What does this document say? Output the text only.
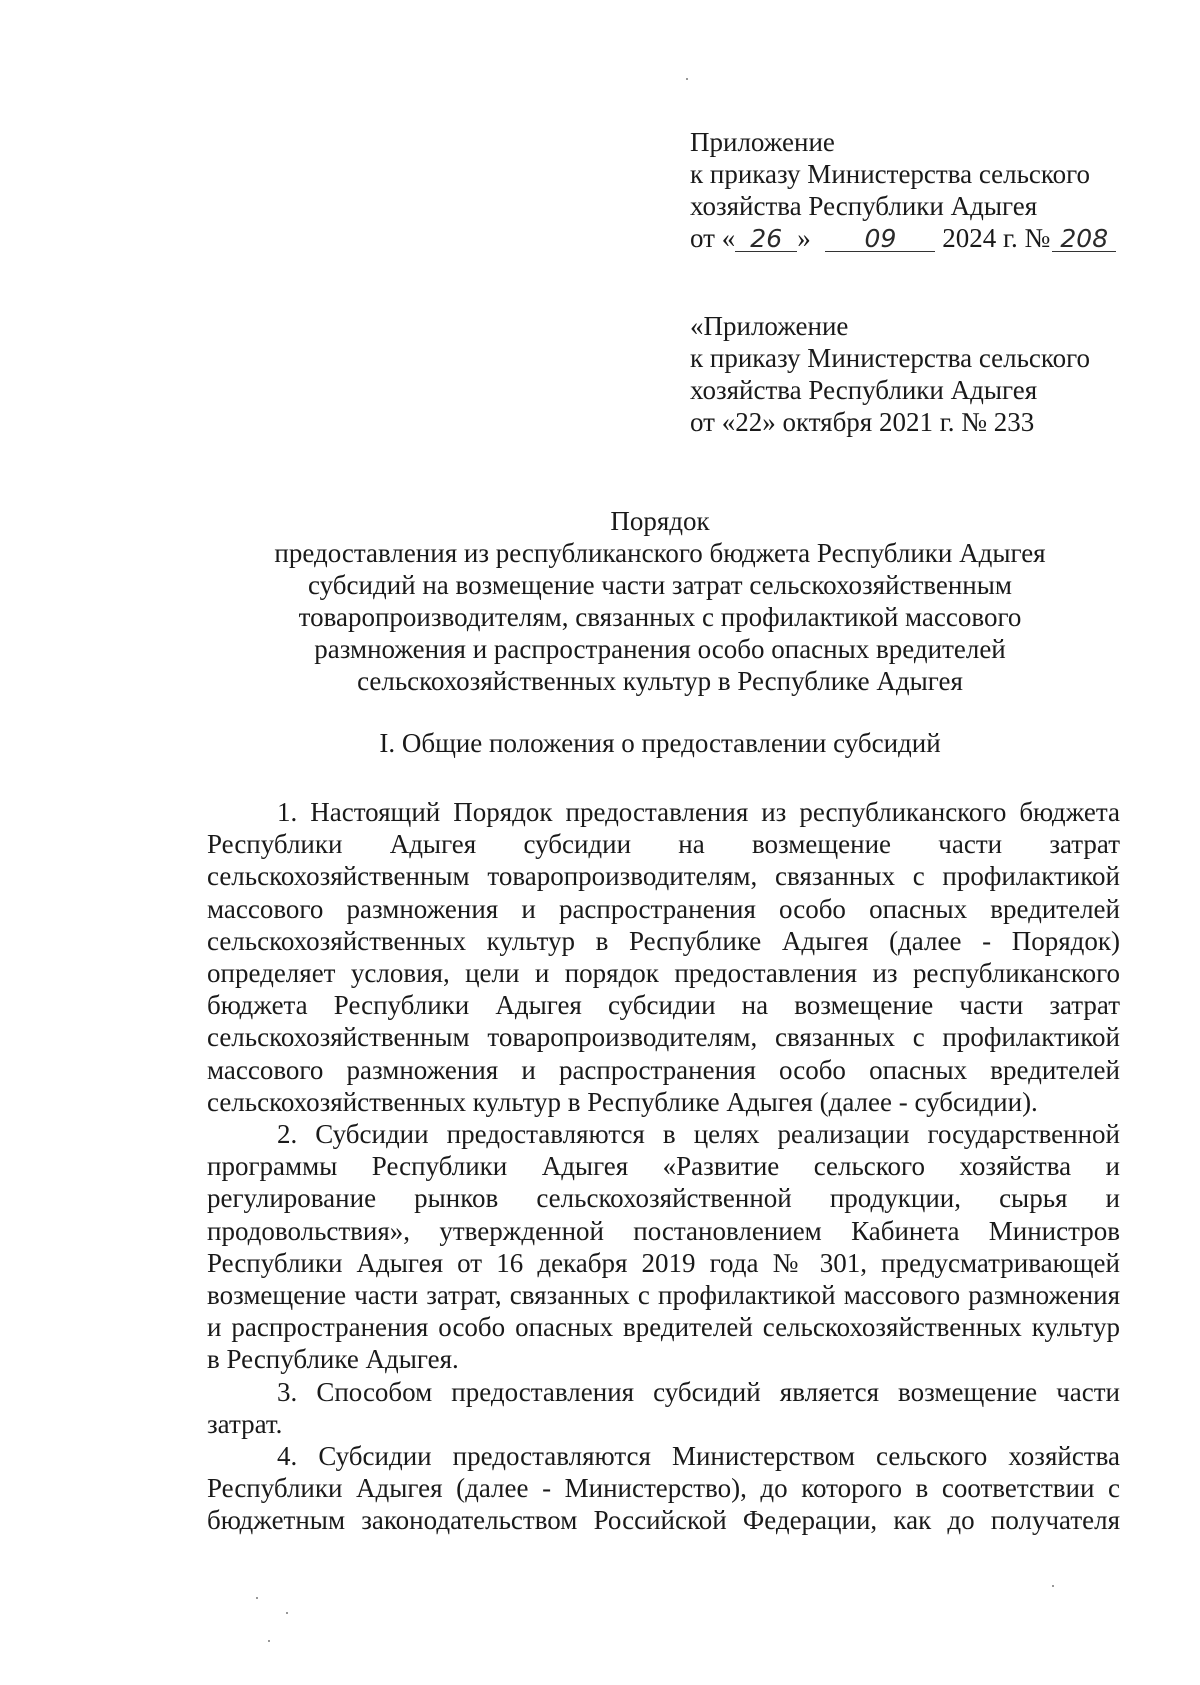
Приложение
к приказу Министерства сельского
хозяйства Республики Адыгея
от « 26 » 09 2024 г. № 208
«Приложение
к приказу Министерства сельского
хозяйства Республики Адыгея
от «22» октября 2021 г. № 233
Порядок
предоставления из республиканского бюджета Республики Адыгея
субсидий на возмещение части затрат сельскохозяйственным
товаропроизводителям, связанных с профилактикой массового
размножения и распространения особо опасных вредителей
сельскохозяйственных культур в Республике Адыгея
I. Общие положения о предоставлении субсидий

1. Настоящий Порядок предоставления из республиканского бюджета Республики Адыгея субсидии на возмещение части затрат сельскохозяйственным товаропроизводителям, связанных с профилактикой массового размножения и распространения особо опасных вредителей сельскохозяйственных культур в Республике Адыгея (далее - Порядок) определяет условия, цели и порядок предоставления из республиканского бюджета Республики Адыгея субсидии на возмещение части затрат сельскохозяйственным товаропроизводителям, связанных с профилактикой массового размножения и распространения особо опасных вредителей сельскохозяйственных культур в Республике Адыгея (далее - субсидии).

2. Субсидии предоставляются в целях реализации государственной программы Республики Адыгея «Развитие сельского хозяйства и регулирование рынков сельскохозяйственной продукции, сырья и продовольствия», утвержденной постановлением Кабинета Министров Республики Адыгея от 16 декабря 2019 года № 301, предусматривающей возмещение части затрат, связанных с профилактикой массового размножения и распространения особо опасных вредителей сельскохозяйственных культур в Республике Адыгея.

3. Способом предоставления субсидий является возмещение части затрат.

4. Субсидии предоставляются Министерством сельского хозяйства Республики Адыгея (далее - Министерство), до которого в соответствии с бюджетным законодательством Российской Федерации, как до получателя
